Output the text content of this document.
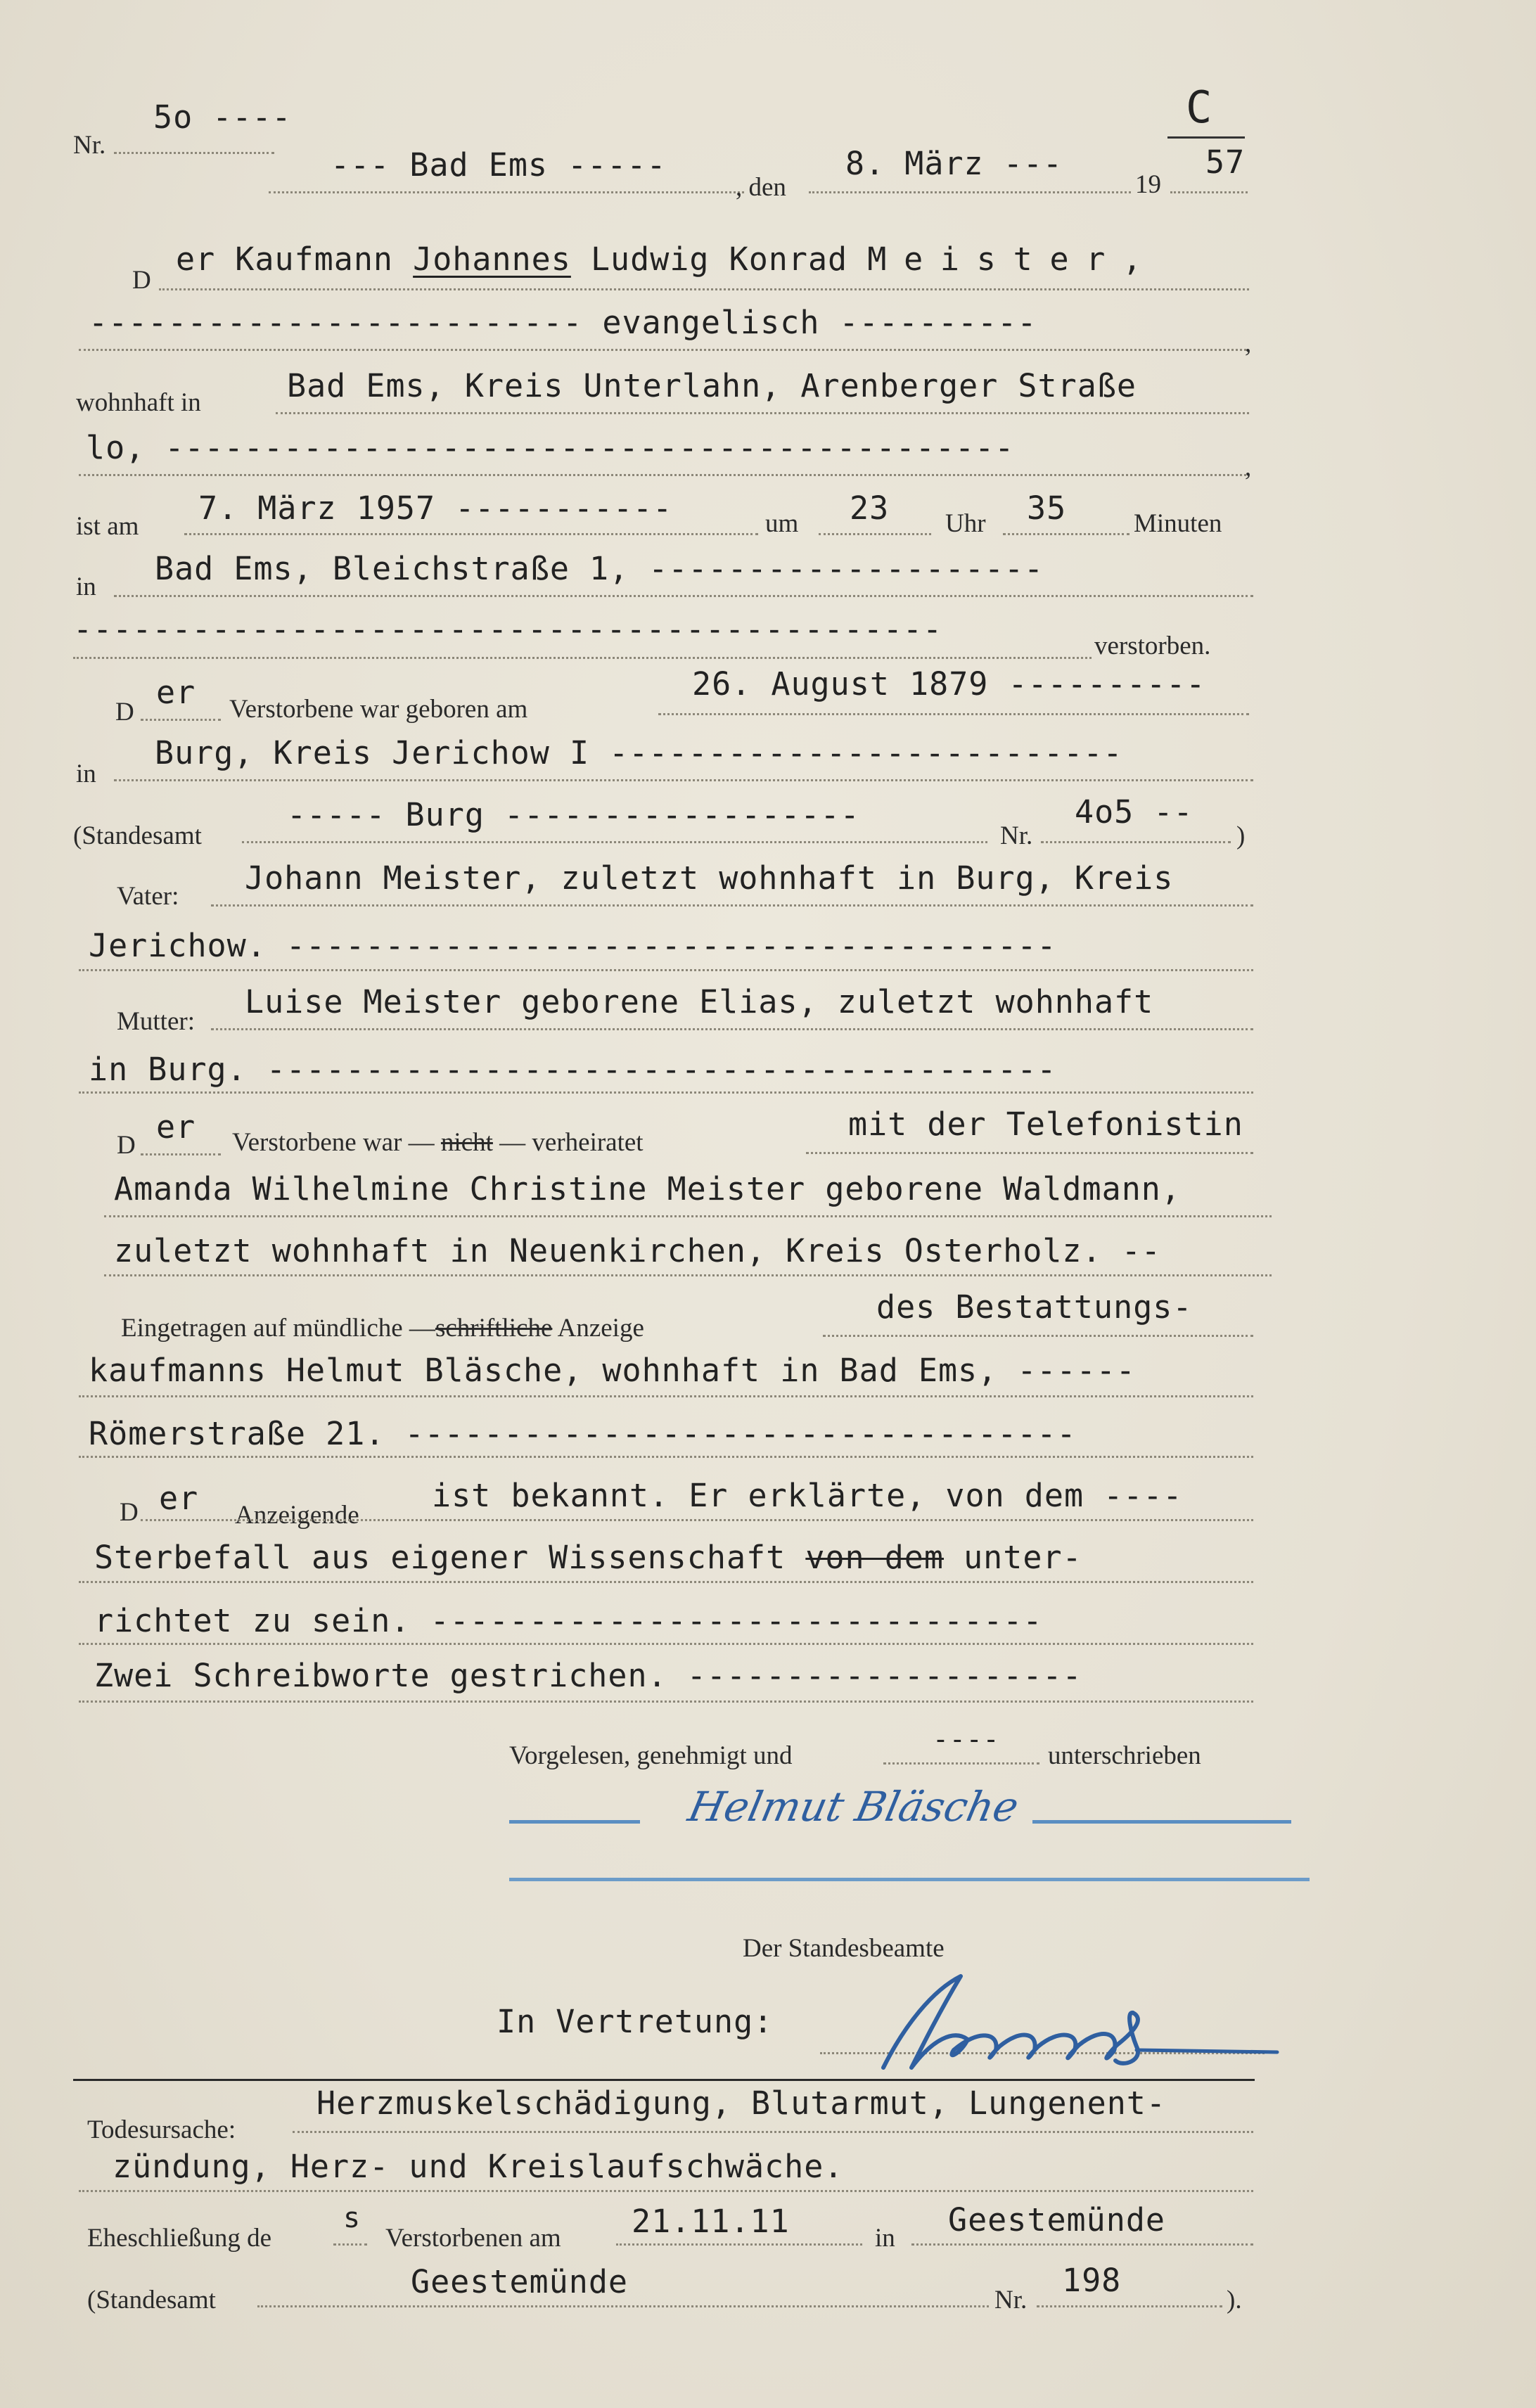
Nr.
5o ----	C
--- Bad Ems -----
, den
8. März ---
19
57
D
er Kaufmann Johannes Ludwig Konrad Meister,
------------------------- evangelisch ----------
,
wohnhaft in	Bad Ems, Kreis Unterlahn, Arenberger Straße
lo, -------------------------------------------
,
ist am 7. März 1957 -----------	um 23 Uhr 35	Minuten
in Bad Ems, Bleichstraße 1, --------------------
--------------------------------------------	verstorben.
D
er Verstorbene war geboren am
26. August 1879 ----------
in
Burg, Kreis Jerichow I --------------------------
(Standesamt
----- Burg ------------------
Nr.
4o5 --
)
Vater: Johann Meister, zuletzt wohnhaft in Burg, Kreis
Jerichow. ---------------------------------------
Mutter:
Luise Meister geborene Elias, zuletzt wohnhaft
in Burg. ----------------------------------------
D er Verstorbene war — nicht — verheiratet	mit der Telefonistin
Amanda Wilhelmine Christine Meister geborene Waldmann,
zuletzt wohnhaft in Neuenkirchen, Kreis Osterholz. --
Eingetragen auf mündliche —schriftliche Anzeige
des Bestattungs-
kaufmanns Helmut Bläsche, wohnhaft in Bad Ems, ------
Römerstraße 21. ----------------------------------
D er Anzeigende
ist bekannt. Er erklärte, von dem ----
Sterbefall aus eigener Wissenschaft von dem unter-
richtet zu sein. -------------------------------
Zwei Schreibworte gestrichen. --------------------
Vorgelesen, genehmigt und
----
unterschrieben
Helmut Bläsche
Der Standesbeamte
In Vertretung:
Todesursache:
Herzmuskelschädigung, Blutarmut, Lungenent-
zündung, Herz- und Kreislaufschwäche.
Eheschließung de
s
Verstorbenen am 21.11.11	in Geestemünde
(Standesamt	Geestemünde	Nr.
198
).
